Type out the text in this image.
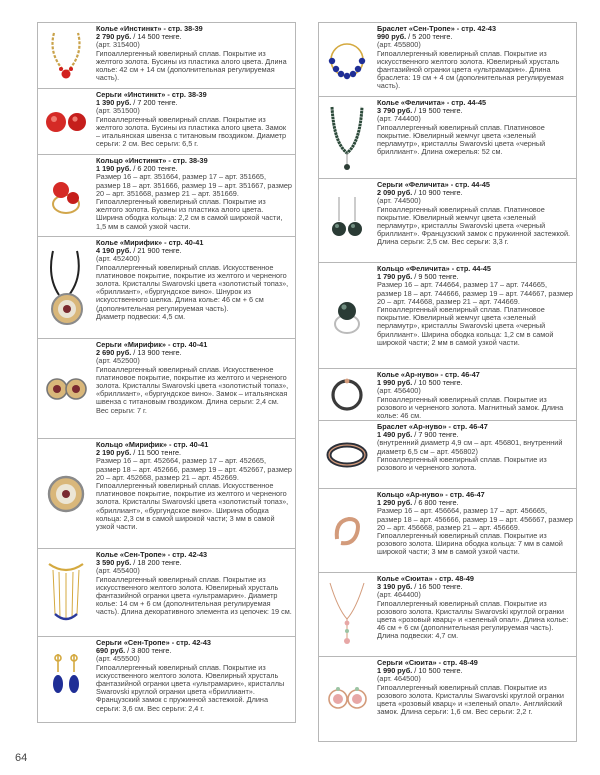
Колье «Инстинкт» - стр. 38-39
2 790 руб. / 14 500 тенге.
(арт. 315400)
Гипоаллергенный ювелирный сплав. Покрытие из желтого золота. Бусины из пластика алого цвета. Длина колье: 42 см + 14 см (дополнительная регулируемая часть).
Серьги «Инстинкт» - стр. 38-39
1 390 руб. / 7 200 тенге.
(арт. 351500)
Гипоаллергенный ювелирный сплав. Покрытие из желтого золота. Бусины из пластика алого цвета. Замок – итальянская швенза с титановым гвоздиком. Диаметр серьги: 2 см. Вес серьги: 6,5 г.
Кольцо «Инстинкт» - стр. 38-39
1 190 руб. / 6 200 тенге.
Размер 16 – арт. 351664, размер 17 – арт. 351665, размер 18 – арт. 351666, размер 19 – арт. 351667, размер 20 – арт. 351668, размер 21 – арт. 351669.
Гипоаллергенный ювелирный сплав. Покрытие из желтого золота. Бусины из пластика алого цвета. Ширина ободка кольца: 2,2 см в самой широкой части, 1,5 мм в самой узкой части.
Колье «Мирифик» - стр. 40-41
4 190 руб. / 21 900 тенге.
(арт. 452400)
Гипоаллергенный ювелирный сплав. Искусственное платиновое покрытие, покрытие из желтого и черненого золота. Кристаллы Swarovski цвета «золотистый топаз», «бриллиант», «бургундское вино». Шнурок из искусственного шелка. Длина колье: 46 см + 6 см (дополнительная регулируемая часть).
Диаметр подвески: 4,5 см.
Серьги «Мирифик» - стр. 40-41
2 690 руб. / 13 900 тенге.
(арт. 452500)
Гипоаллергенный ювелирный сплав. Искусственное платиновое покрытие, покрытие из желтого и черненого золота. Кристаллы Swarovski цвета «золотистый топаз», «бриллиант», «бургундское вино». Замок – итальянская швенза с титановым гвоздиком. Длина серьги: 2,4 см. Вес серьги: 7 г.
Кольцо «Мирифик» - стр. 40-41
2 190 руб. / 11 500 тенге.
Размер 16 – арт. 452664, размер 17 – арт. 452665, размер 18 – арт. 452666, размер 19 – арт. 452667, размер 20 – арт. 452668, размер 21 – арт. 452669.
Гипоаллергенный ювелирный сплав. Искусственное платиновое покрытие, покрытие из желтого и черненого золота. Кристаллы Swarovski цвета «золотистый топаз», «бриллиант», «бургундское вино». Ширина ободка кольца: 2,3 см в самой широкой части; 3 мм в самой узкой части.
Колье «Сен-Тропе» - стр. 42-43
3 590 руб. / 18 200 тенге.
(арт. 455400)
Гипоаллергенный ювелирный сплав. Покрытие из искусственного желтого золота. Ювелирный хрусталь фантазийной огранки цвета «ультрамарин». Диаметр колье: 14 см + 6 см (дополнительная регулируемая часть). Длина декоративного элемента из цепочек: 19 см.
Серьги «Сен-Тропе» - стр. 42-43
690 руб. / 3 800 тенге.
(арт. 455500)
Гипоаллергенный ювелирный сплав. Покрытие из искусственного желтого золота. Ювелирный хрусталь фантазийной огранки цвета «ультрамарин», кристаллы Swarovski круглой огранки цвета «бриллиант». Французский замок с пружинной застежкой. Длина серьги: 3,6 см. Вес серьги: 2,4 г.
Браслет «Сен-Тропе» - стр. 42-43
990 руб. / 5 200 тенге.
(арт. 455800)
Гипоаллергенный ювелирный сплав. Покрытие из искусственного желтого золота. Ювелирный хрусталь фантазийной огранки цвета «ультрамарин». Длина браслета: 19 см + 4 см (дополнительная регулируемая часть).
Колье «Феличита» - стр. 44-45
3 790 руб. / 19 500 тенге.
(арт. 744400)
Гипоаллергенный ювелирный сплав. Платиновое покрытие. Ювелирный жемчуг цвета «зеленый перламутр», кристаллы Swarovski цвета «черный бриллиант». Длина ожерелья: 52 см.
Серьги «Феличита» - стр. 44-45
2 090 руб. / 10 900 тенге.
(арт. 744500)
Гипоаллергенный ювелирный сплав. Платиновое покрытие. Ювелирный жемчуг цвета «зеленый перламутр», кристаллы Swarovski цвета «черный бриллиант». Французский замок с пружинной застежкой. Длина серьги: 2,5 см. Вес серьги: 3,3 г.
Кольцо «Феличита» - стр. 44-45
1 790 руб. / 9 500 тенге.
Размер 16 – арт. 744664, размер 17 – арт. 744665, размер 18 – арт. 744666, размер 19 – арт. 744667, размер 20 – арт. 744668, размер 21 – арт. 744669.
Гипоаллергенный ювелирный сплав. Платиновое покрытие. Ювелирный жемчуг цвета «зеленый перламутр», кристаллы Swarovski цвета «черный бриллиант». Ширина ободка кольца: 1,2 см в самой широкой части; 2 мм в самой узкой части.
Колье «Ар-нуво» - стр. 46-47
1 990 руб. / 10 500 тенге.
(арт. 456400)
Гипоаллергенный ювелирный сплав. Покрытие из розового и черненого золота. Магнитный замок. Длина колье: 46 см.
Браслет «Ар-нуво» - стр. 46-47
1 490 руб. / 7 900 тенге.
(внутренний диаметр 4,9 см – арт. 456801, внутренний диаметр 6,5 см – арт. 456802)
Гипоаллергенный ювелирный сплав. Покрытие из розового и черненого золота.
Кольцо «Ар-нуво» - стр. 46-47
1 290 руб. / 6 800 тенге.
Размер 16 – арт. 456664, размер 17 – арт. 456665, размер 18 – арт. 456666, размер 19 – арт. 456667, размер 20 – арт. 456668, размер 21 – арт. 456669.
Гипоаллергенный ювелирный сплав. Покрытие из розового золота. Ширина ободка кольца: 7 мм в самой широкой части; 3 мм в самой узкой части.
Колье «Сюита» - стр. 48-49
3 190 руб. / 16 500 тенге.
(арт. 464400)
Гипоаллергенный ювелирный сплав. Покрытие из розового золота. Кристаллы Swarovski круглой огранки цвета «розовый кварц» и «зеленый опал». Длина колье: 46 см + 6 см (дополнительная регулируемая часть). Длина подвески: 4,7 см.
Серьги «Сюита» - стр. 48-49
1 990 руб. / 10 500 тенге.
(арт. 464500)
Гипоаллергенный ювелирный сплав. Покрытие из розового золота. Кристаллы Swarovski круглой огранки цвета «розовый кварц» и «зеленый опал». Английский замок. Длина серьги: 1,6 см. Вес серьги: 2,2 г.
64
